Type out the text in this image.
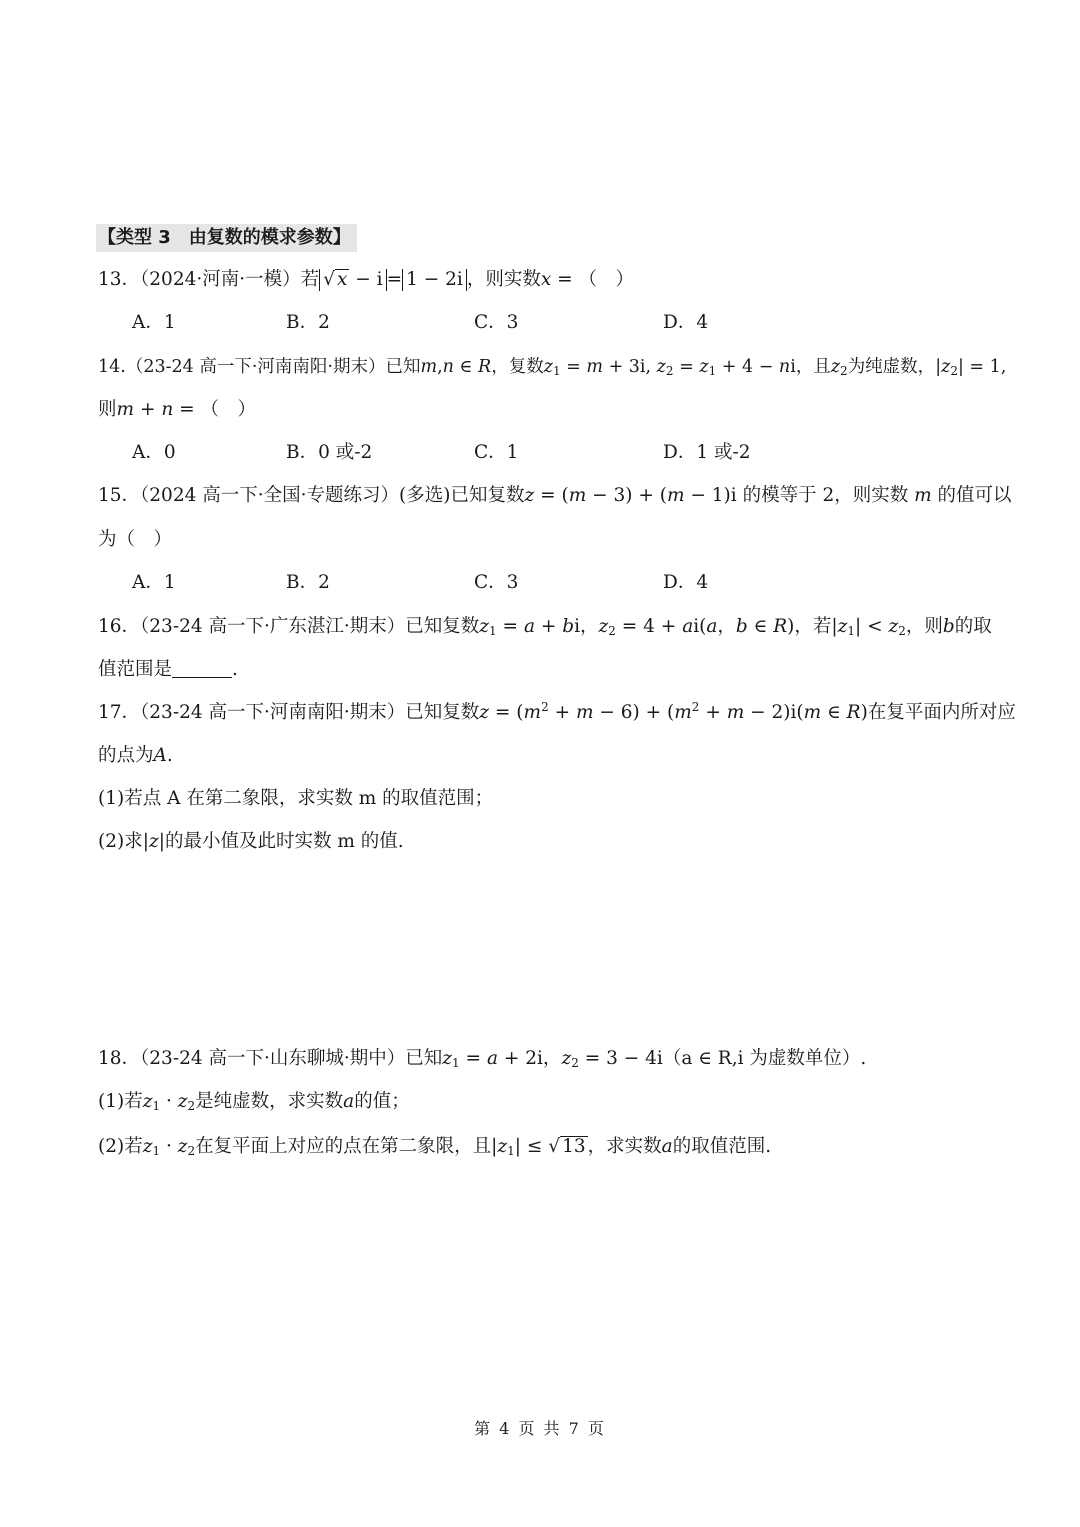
【类型 3　由复数的模求参数】
13．（2024·河南·一模）若 √ x − i = 1 − 2i ，则实数x = （　）
A．1	B．2	C．3	D．4
14.（23-24 高一下·河南南阳·期末）已知m,n ∈ R，复数$z_1 = m + 3i$, $z_2 = z_1 + 4$ − ni，且$z_2$为纯虚数，$|z_2| = 1$,
则m + n = （　）
A．0	B．0 或-2	C．1	D．1 或-2
15．（2024 高一下·全国·专题练习）(多选)已知复数z = (m − 3) + (m − 1)i 的模等于 2，则实数 m 的值可以
为（　）
A．1	B．2	C．3	D．4
16．（23-24 高一下·广东湛江·期末）已知复数$z_1 = a$ + bi，$z_2 = 4 + ai(a$，b ∈ R)，若$|z_1| < z_2$，则b的取
值范围是	.
17．（23-24 高一下·河南南阳·期末）已知复数$z = (m^2 + m - 6) + (m^2 + m - 2)i(m$ ∈ R)在复平面内所对应
的点为A.
(1)若点 A 在第二象限，求实数 m 的取值范围；
(2)求|z|的最小值及此时实数 m 的值.
18．（23-24 高一下·山东聊城·期中）已知$z_1 = a + 2i$，$z_2 = 3 - 4i(a$ ∈ R,i 为虚数单位）.
(1)若$z_1 \cdot z_2$是纯虚数，求实数a的值；
(2)若$z_1 \cdot z_2$在复平面上对应的点在第二象限，且$|z_1|$ ≤ √ 13 ，求实数a的取值范围.
第 4 页 共 7 页
